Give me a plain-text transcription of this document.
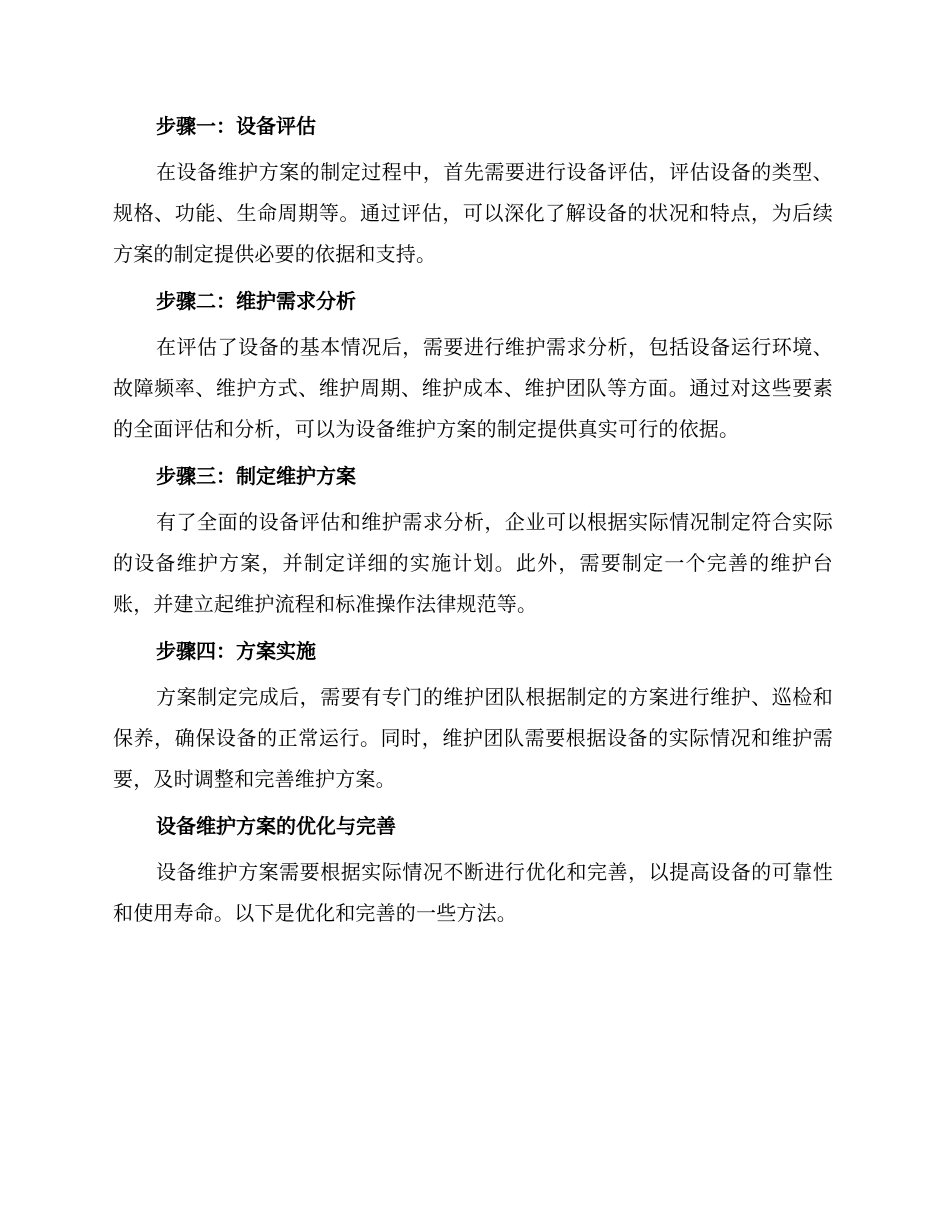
步骤一：设备评估
在设备维护方案的制定过程中，首先需要进行设备评估，评估设备的类型、规格、功能、生命周期等。通过评估，可以深化了解设备的状况和特点，为后续方案的制定提供必要的依据和支持。
步骤二：维护需求分析
在评估了设备的基本情况后，需要进行维护需求分析，包括设备运行环境、故障频率、维护方式、维护周期、维护成本、维护团队等方面。通过对这些要素的全面评估和分析，可以为设备维护方案的制定提供真实可行的依据。
步骤三：制定维护方案
有了全面的设备评估和维护需求分析，企业可以根据实际情况制定符合实际的设备维护方案，并制定详细的实施计划。此外，需要制定一个完善的维护台账，并建立起维护流程和标准操作法律规范等。
步骤四：方案实施
方案制定完成后，需要有专门的维护团队根据制定的方案进行维护、巡检和保养，确保设备的正常运行。同时，维护团队需要根据设备的实际情况和维护需要，及时调整和完善维护方案。
设备维护方案的优化与完善
设备维护方案需要根据实际情况不断进行优化和完善，以提高设备的可靠性和使用寿命。以下是优化和完善的一些方法。
